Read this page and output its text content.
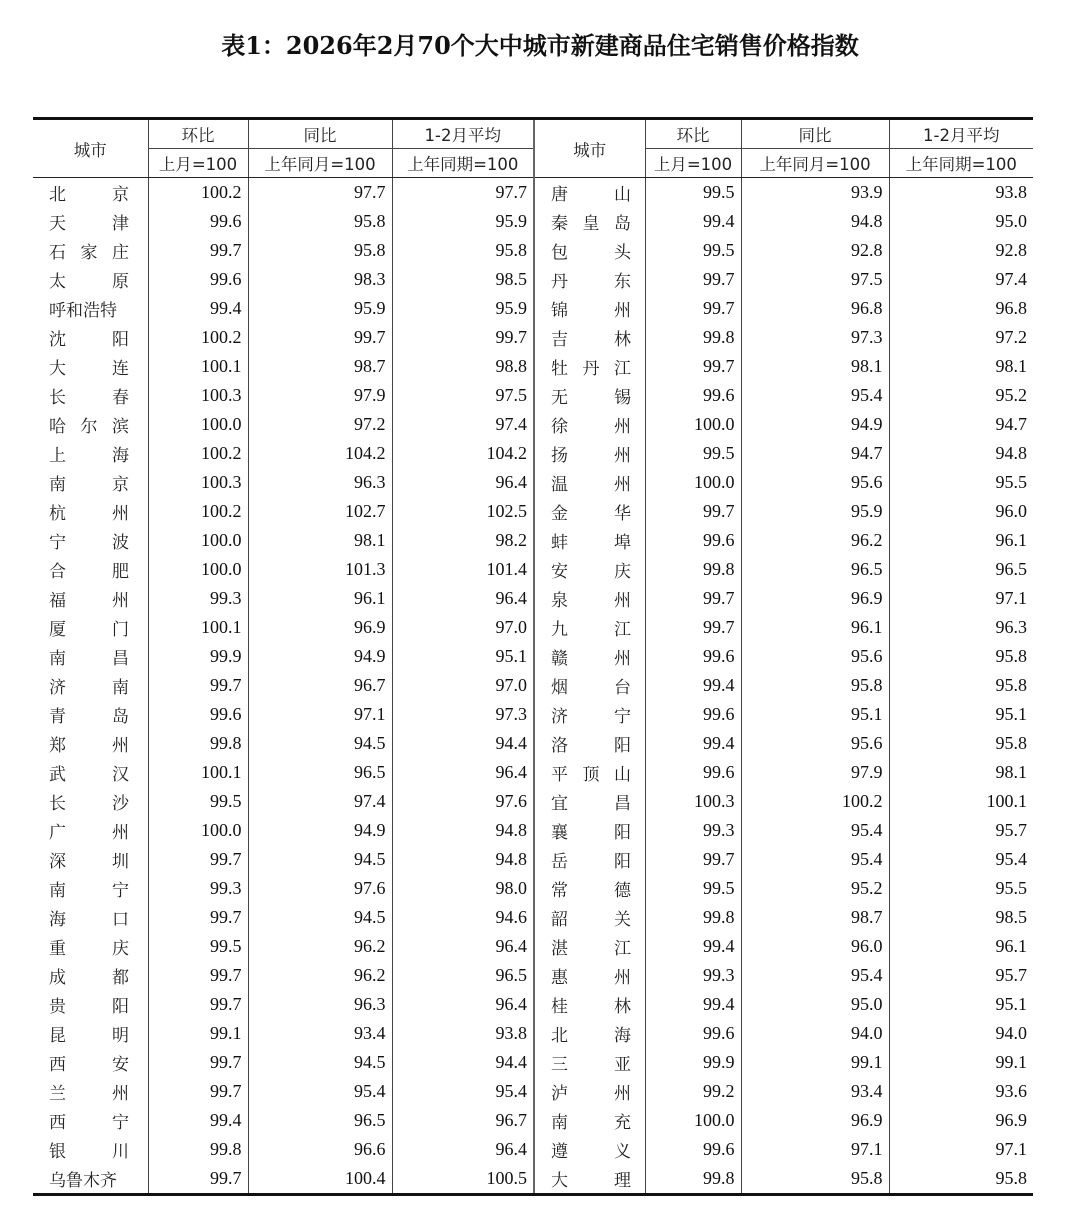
表1：2026年2月70个大中城市新建商品住宅销售价格指数
城市	环比	同比	1-2月平均	城市	环比	同比	1-2月平均
	上月=100	上年同月=100	上年同期=100		上月=100	上年同月=100	上年同期=100

北 京	100.2	97.7	97.7	唐 山	99.5	93.9	93.8

天 津	99.6	95.8	95.9	秦 皇 岛	99.4	94.8	95.0

石 家 庄	99.7	95.8	95.8	包 头	99.5	92.8	92.8

太 原	99.6	98.3	98.5	丹 东	99.7	97.5	97.4

呼 和 浩 特	99.4	95.9	95.9	锦 州	99.7	96.8	96.8

沈 阳	100.2	99.7	99.7	吉 林	99.8	97.3	97.2

大 连	100.1	98.7	98.8	牡 丹 江	99.7	98.1	98.1

长 春	100.3	97.9	97.5	无 锡	99.6	95.4	95.2

哈 尔 滨	100.0	97.2	97.4	徐 州	100.0	94.9	94.7

上 海	100.2	104.2	104.2	扬 州	99.5	94.7	94.8

南 京	100.3	96.3	96.4	温 州	100.0	95.6	95.5

杭 州	100.2	102.7	102.5	金 华	99.7	95.9	96.0

宁 波	100.0	98.1	98.2	蚌 埠	99.6	96.2	96.1

合 肥	100.0	101.3	101.4	安 庆	99.8	96.5	96.5

福 州	99.3	96.1	96.4	泉 州	99.7	96.9	97.1

厦 门	100.1	96.9	97.0	九 江	99.7	96.1	96.3

南 昌	99.9	94.9	95.1	赣 州	99.6	95.6	95.8

济 南	99.7	96.7	97.0	烟 台	99.4	95.8	95.8

青 岛	99.6	97.1	97.3	济 宁	99.6	95.1	95.1

郑 州	99.8	94.5	94.4	洛 阳	99.4	95.6	95.8

武 汉	100.1	96.5	96.4	平 顶 山	99.6	97.9	98.1

长 沙	99.5	97.4	97.6	宜 昌	100.3	100.2	100.1

广 州	100.0	94.9	94.8	襄 阳	99.3	95.4	95.7

深 圳	99.7	94.5	94.8	岳 阳	99.7	95.4	95.4

南 宁	99.3	97.6	98.0	常 德	99.5	95.2	95.5

海 口	99.7	94.5	94.6	韶 关	99.8	98.7	98.5

重 庆	99.5	96.2	96.4	湛 江	99.4	96.0	96.1

成 都	99.7	96.2	96.5	惠 州	99.3	95.4	95.7

贵 阳	99.7	96.3	96.4	桂 林	99.4	95.0	95.1

昆 明	99.1	93.4	93.8	北 海	99.6	94.0	94.0

西 安	99.7	94.5	94.4	三 亚	99.9	99.1	99.1

兰 州	99.7	95.4	95.4	泸 州	99.2	93.4	93.6

西 宁	99.4	96.5	96.7	南 充	100.0	96.9	96.9

银 川	99.8	96.6	96.4	遵 义	99.6	97.1	97.1

乌 鲁 木 齐	99.7	100.4	100.5	大 理	99.8	95.8	95.8
